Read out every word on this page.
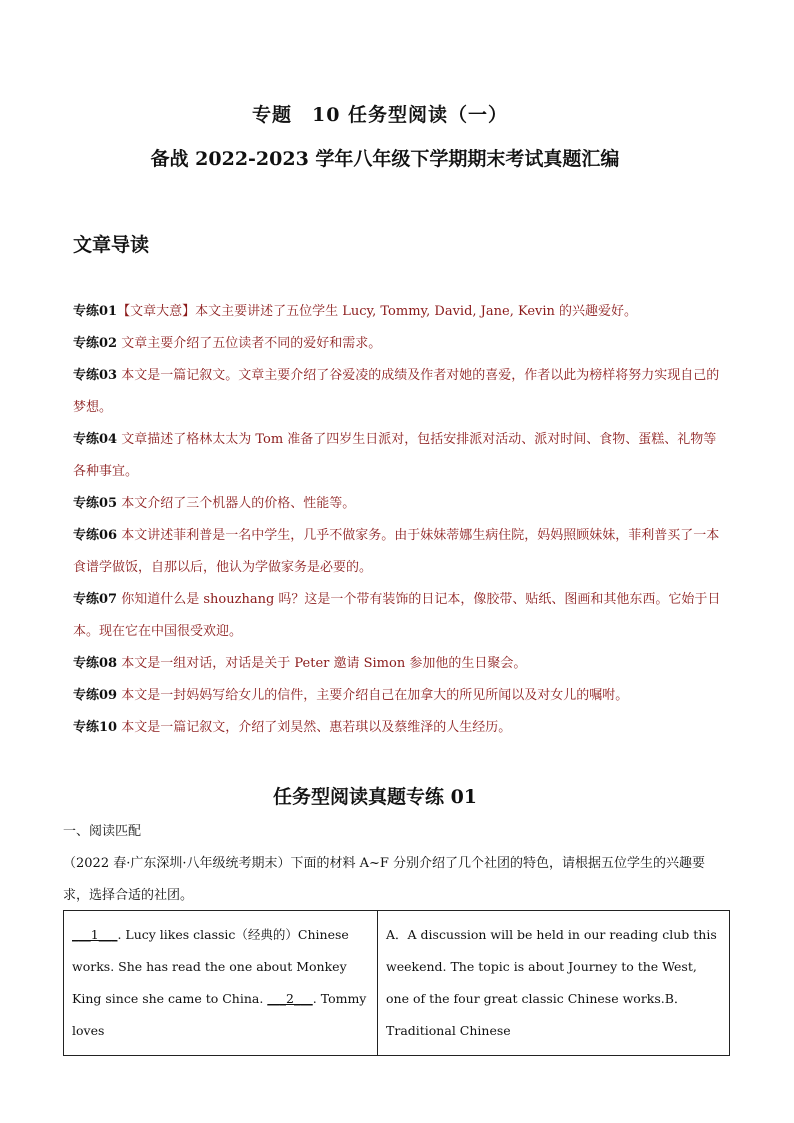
专题　10 任务型阅读（一）
备战 2022-2023 学年八年级下学期期末考试真题汇编
文章导读

专练01【文章大意】本文主要讲述了五位学生 Lucy, Tommy, David, Jane, Kevin 的兴趣爱好。

专练02 文章主要介绍了五位读者不同的爱好和需求。

专练03 本文是一篇记叙文。文章主要介绍了谷爱凌的成绩及作者对她的喜爱，作者以此为榜样将努力实现自己的梦想。

专练04 文章描述了格林太太为 Tom 准备了四岁生日派对，包括安排派对活动、派对时间、食物、蛋糕、礼物等各种事宜。

专练05 本文介绍了三个机器人的价格、性能等。

专练06 本文讲述菲利普是一名中学生，几乎不做家务。由于妹妹蒂娜生病住院，妈妈照顾妹妹，菲利普买了一本食谱学做饭，自那以后，他认为学做家务是必要的。

专练07 你知道什么是 shouzhang 吗？这是一个带有装饰的日记本，像胶带、贴纸、图画和其他东西。它始于日本。现在它在中国很受欢迎。

专练08 本文是一组对话，对话是关于 Peter 邀请 Simon 参加他的生日聚会。

专练09 本文是一封妈妈写给女儿的信件，主要介绍自己在加拿大的所见所闻以及对女儿的嘱咐。

专练10 本文是一篇记叙文，介绍了刘昊然、惠若琪以及蔡维泽的人生经历。

任务型阅读真题专练 01
一、阅读匹配

（2022 春·广东深圳·八年级统考期末）下面的材料 A~F 分别介绍了几个社团的特色，请根据五位学生的兴趣要求，选择合适的社团。

___1___. Lucy likes classic（经典的）Chinese works. She has read the one about Monkey King since she came to China. ___2___. Tommy loves	A．A discussion will be held in our reading club this weekend. The topic is about Journey to the West, one of the four great classic Chinese works.B．Traditional Chinese
